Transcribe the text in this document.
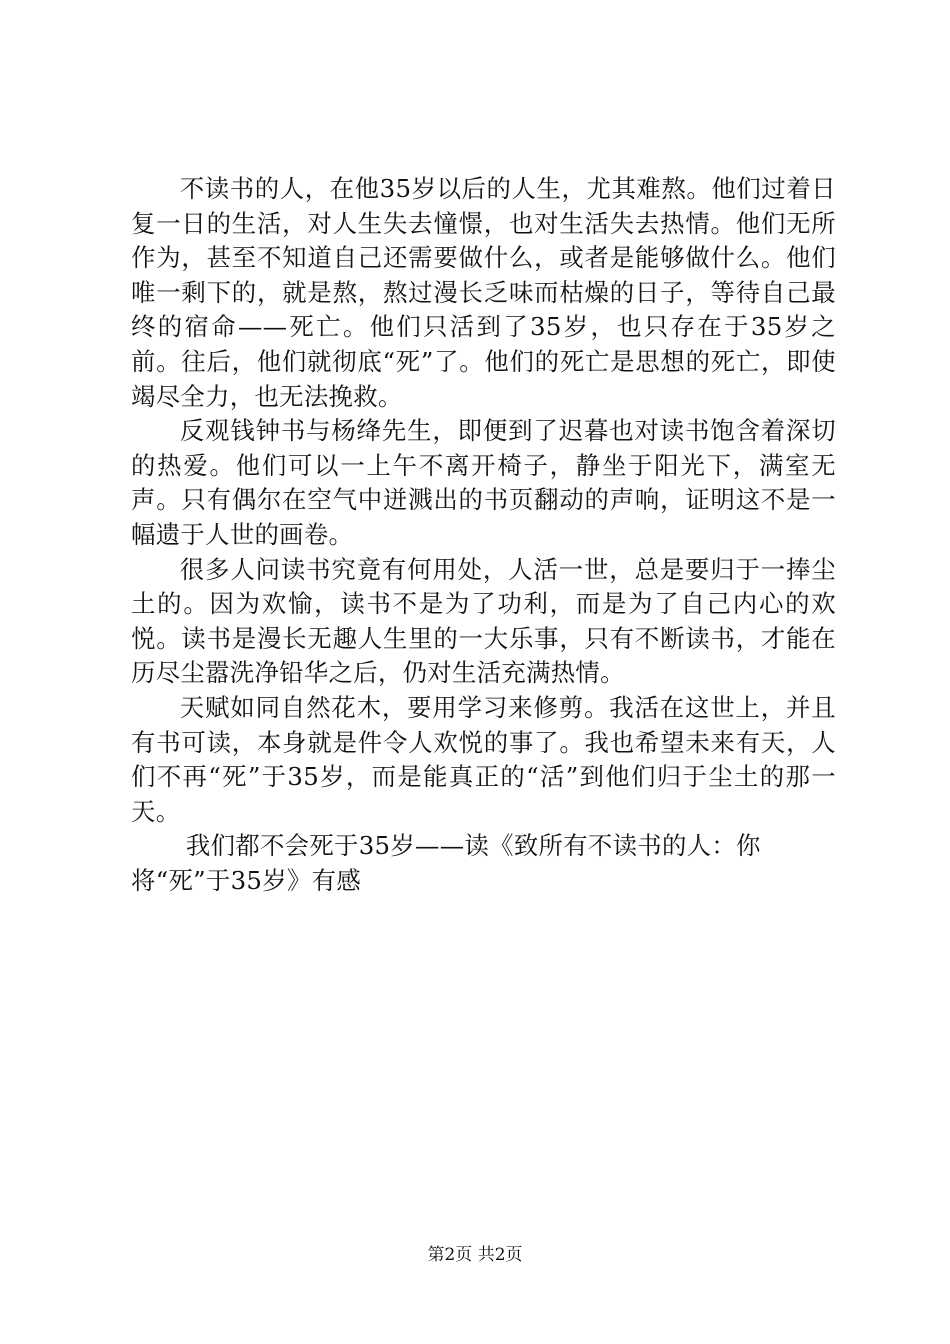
不读书的人，在他35岁以后的人生，尤其难熬。他们过着日复一日的生活，对人生失去憧憬，也对生活失去热情。他们无所作为，甚至不知道自己还需要做什么，或者是能够做什么。他们唯一剩下的，就是熬，熬过漫长乏味而枯燥的日子，等待自己最终的宿命——死亡。他们只活到了35岁，也只存在于35岁之前。往后，他们就彻底“死”了。他们的死亡是思想的死亡，即使竭尽全力，也无法挽救。

反观钱钟书与杨绛先生，即便到了迟暮也对读书饱含着深切的热爱。他们可以一上午不离开椅子，静坐于阳光下，满室无声。只有偶尔在空气中迸溅出的书页翻动的声响，证明这不是一幅遗于人世的画卷。

很多人问读书究竟有何用处，人活一世，总是要归于一捧尘土的。因为欢愉，读书不是为了功利，而是为了自己内心的欢悦。读书是漫长无趣人生里的一大乐事，只有不断读书，才能在历尽尘嚣洗净铅华之后，仍对生活充满热情。

天赋如同自然花木，要用学习来修剪。我活在这世上，并且有书可读，本身就是件令人欢悦的事了。我也希望未来有天，人们不再“死”于35岁，而是能真正的“活”到他们归于尘土的那一天。

我们都不会死于35岁——读《致所有不读书的人：你将“死”于35岁》有感

第2页 共2页
